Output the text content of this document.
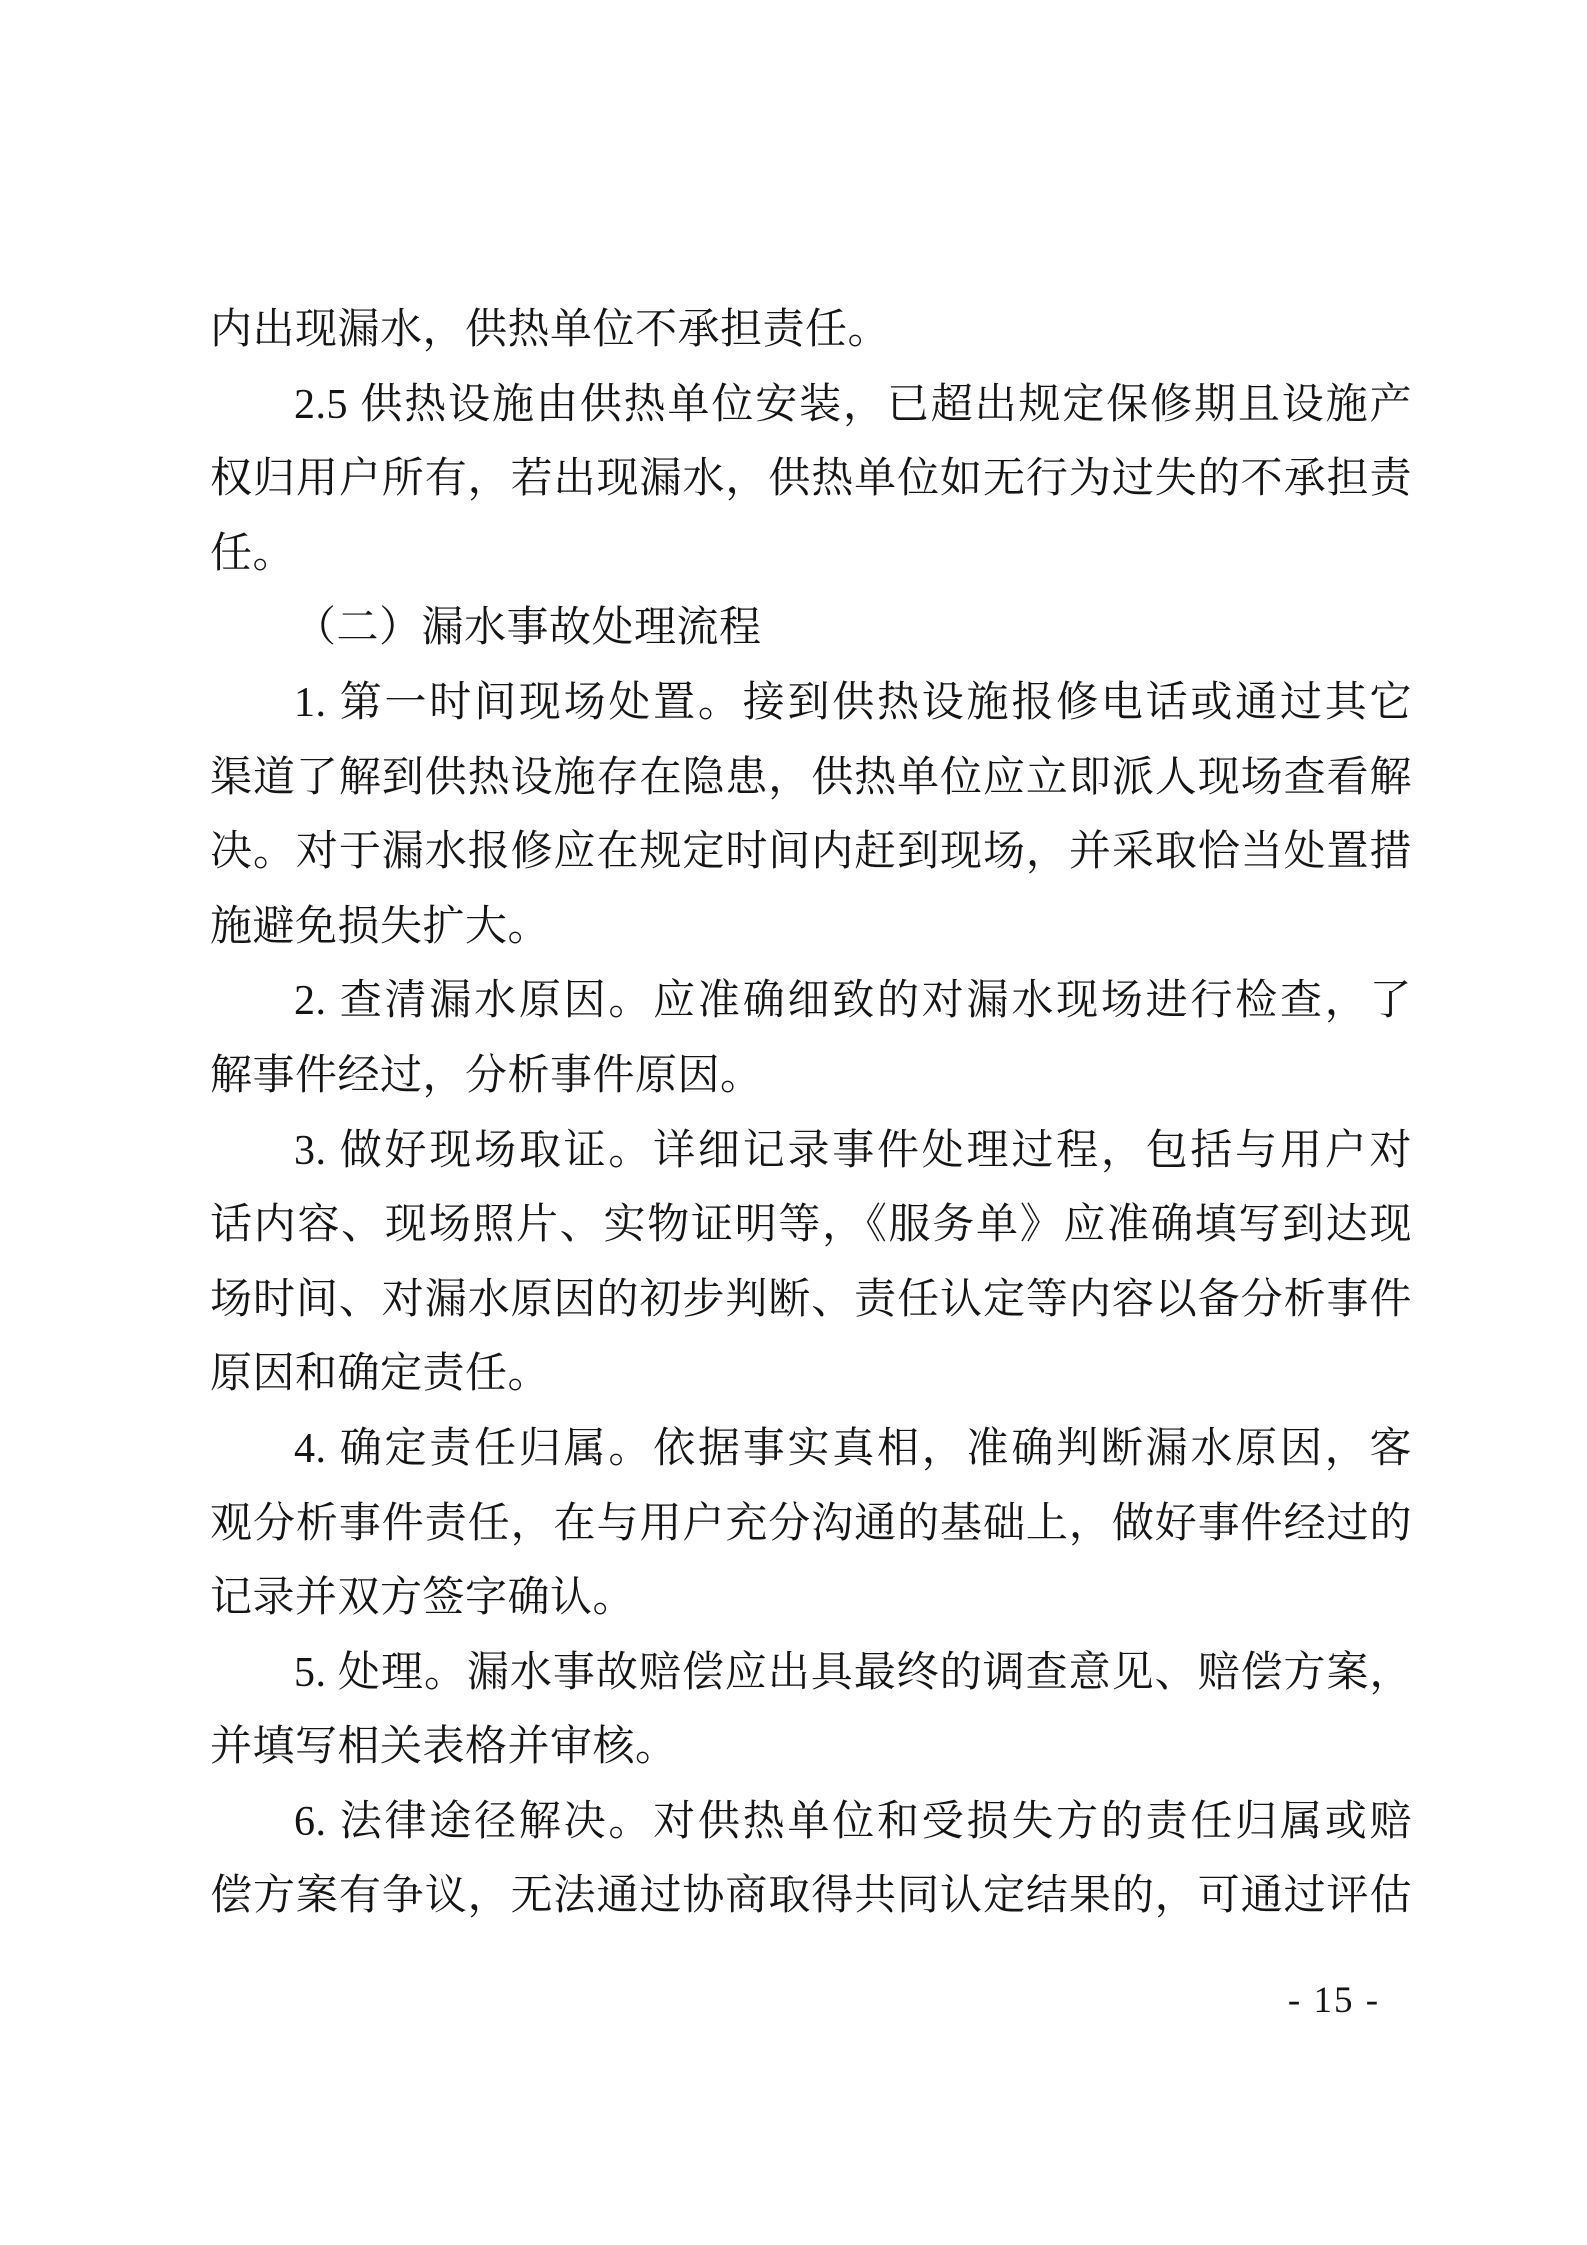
内出现漏水，供热单位不承担责任。
2.5 供热设施由供热单位安装，已超出规定保修期且设施产
权归用户所有，若出现漏水，供热单位如无行为过失的不承担责
任。
（二）漏水事故处理流程
1. 第一时间现场处置。接到供热设施报修电话或通过其它
渠道了解到供热设施存在隐患，供热单位应立即派人现场查看解
决。对于漏水报修应在规定时间内赶到现场，并采取恰当处置措
施避免损失扩大。
2. 查清漏水原因。应准确细致的对漏水现场进行检查，了
解事件经过，分析事件原因。
3. 做好现场取证。详细记录事件处理过程，包括与用户对
话内容、现场照片、实物证明等，《服务单》应准确填写到达现
场时间、对漏水原因的初步判断、责任认定等内容以备分析事件
原因和确定责任。
4. 确定责任归属。依据事实真相，准确判断漏水原因，客
观分析事件责任，在与用户充分沟通的基础上，做好事件经过的
记录并双方签字确认。
5. 处理。漏水事故赔偿应出具最终的调查意见、赔偿方案，
并填写相关表格并审核。
6. 法律途径解决。对供热单位和受损失方的责任归属或赔
偿方案有争议，无法通过协商取得共同认定结果的，可通过评估
- 15 -
